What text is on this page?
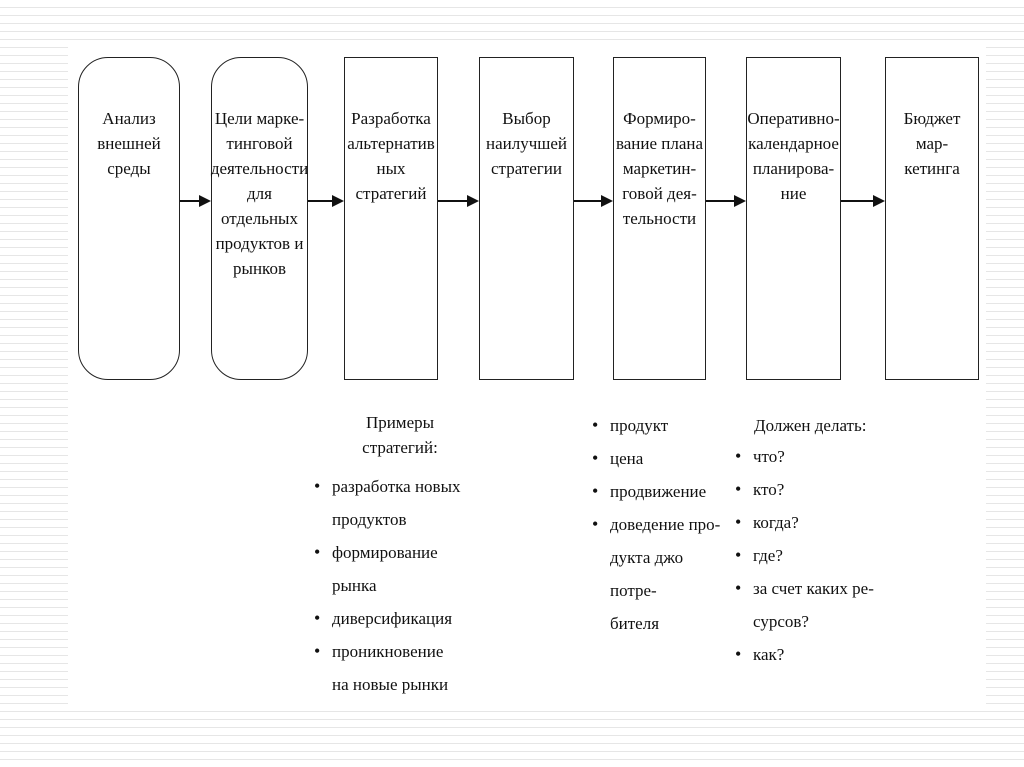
Анализ
внешней
среды
Цели марке-
тинговой
деятельности
для
отдельных
продуктов и
рынков
Разработка
альтернатив
ных
стратегий
Выбор
наилучшей
стратегии
Формиро-
вание плана
маркетин-
говой дея-
тельности
Оперативно-
календарное
планирова-
ние
Бюджет мар-
кетинга
Примеры
стратегий:
• разработка новых
продуктов
• формирование
рынка
• диверсификация
• проникновение
на новые рынки
• продукт
• цена
• продвижение
• доведение про-
дукта джо потре-
бителя
Должен делать:
• что?
• кто?
• когда?
• где?
• за счет каких ре-
сурсов?
• как?
